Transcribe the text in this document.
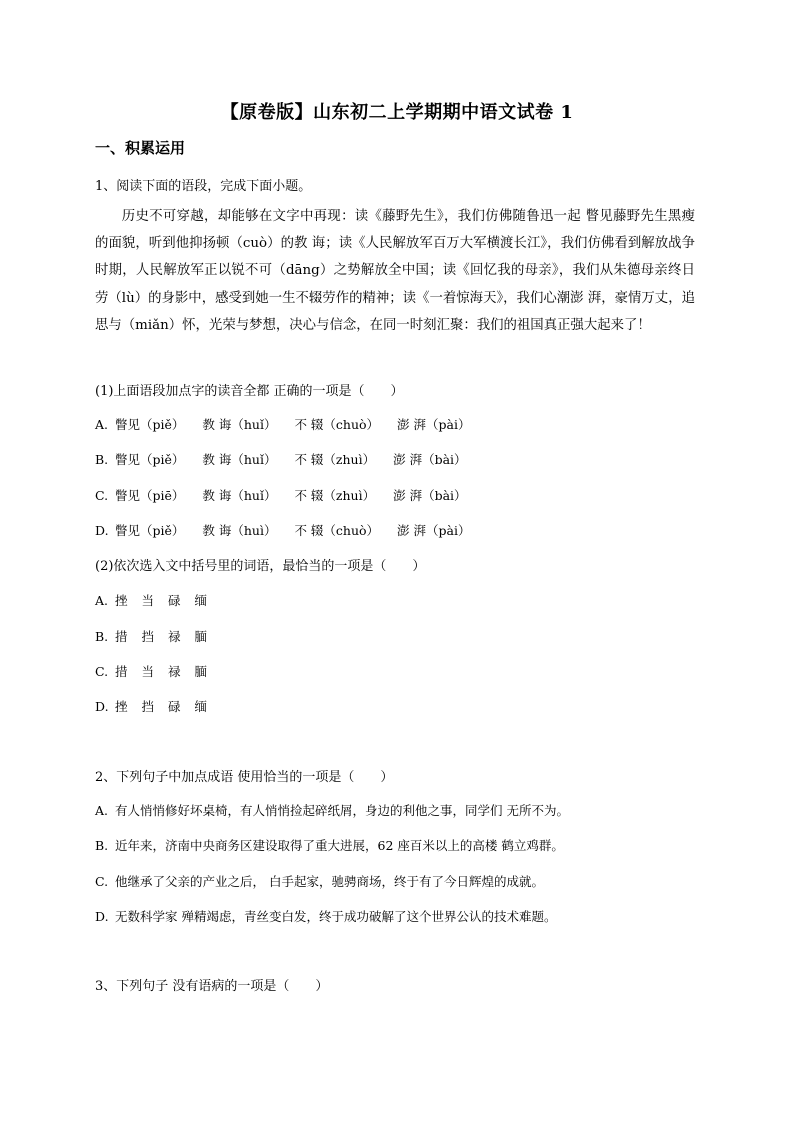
【原卷版】山东初二上学期期中语文试卷 1
一、积累运用
1、阅读下面的语段，完成下面小题。

历史不可穿越，却能够在文字中再现：读《藤野先生》，我们仿佛随鲁迅一起 瞥见藤野先生黑瘦的面貌，听到他抑扬顿（cuò）的教 诲；读《人民解放军百万大军横渡长江》，我们仿佛看到解放战争时期，人民解放军正以锐不可（dāng）之势解放全中国；读《回忆我的母亲》，我们从朱德母亲终日劳（lù）的身影中，感受到她一生不辍劳作的精神；读《一着惊海天》，我们心潮澎 湃，豪情万丈，追思与（miǎn）怀，光荣与梦想，决心与信念，在同一时刻汇聚：我们的祖国真正强大起来了！

(1)上面语段加点字的读音全都 正确的一项是（　　）
A. 瞥见（piě） 教 诲（huǐ） 不 辍（chuò） 澎 湃（pài）
B. 瞥见（piě） 教 诲（huǐ） 不 辍（zhuì） 澎 湃（bài）
C. 瞥见（piē） 教 诲（huǐ） 不 辍（zhuì） 澎 湃（bài）
D. 瞥见（piě） 教 诲（huì） 不 辍（chuò） 澎 湃（pài）
(2)依次选入文中括号里的词语，最恰当的一项是（　　）
A. 挫 当 碌 缅
B. 措 挡 禄 腼
C. 措 当 禄 腼
D. 挫 挡 碌 缅
2、下列句子中加点成语 使用恰当的一项是（　　）
A. 有人悄悄修好坏桌椅，有人悄悄捡起碎纸屑，身边的利他之事，同学们 无所不为。
B. 近年来，济南中央商务区建设取得了重大进展，62 座百米以上的高楼 鹤立鸡群。
C. 他继承了父亲的产业之后， 白手起家，驰骋商场，终于有了今日辉煌的成就。
D. 无数科学家 殚精竭虑，青丝变白发，终于成功破解了这个世界公认的技术难题。
3、下列句子 没有语病的一项是（　　）
